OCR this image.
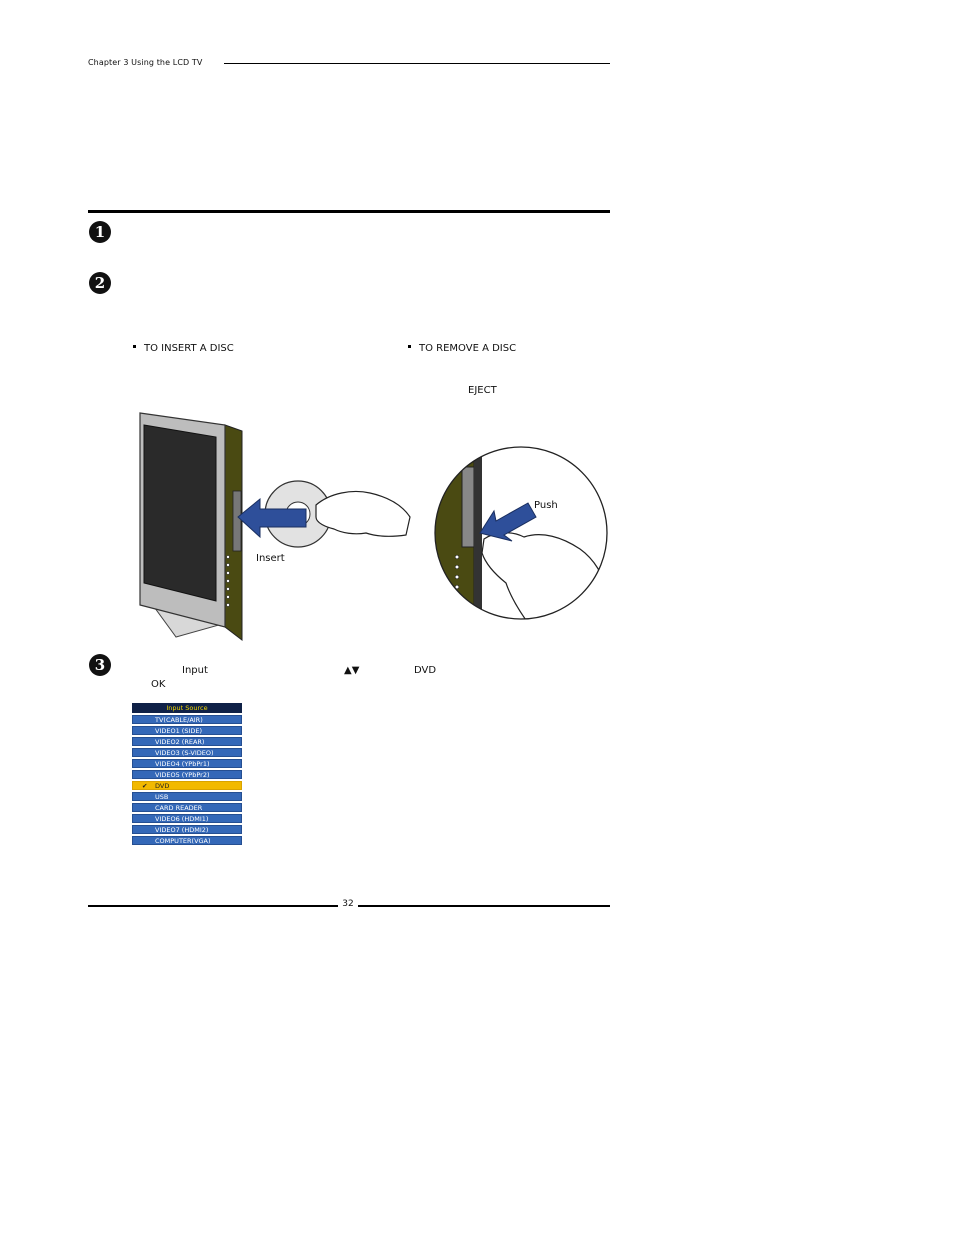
Chapter 3 Using the LCD TV
1
2
3
TO INSERT A DISC	TO REMOVE A DISC
EJECT
Insert
Push
Input	▲▼	DVD
OK
Input Source
TV(CABLE/AIR)
VIDEO1 (SIDE)
VIDEO2 (REAR)
VIDEO3 (S-VIDEO)
VIDEO4 (YPbPr1)
VIDEO5 (YPbPr2)
✔ DVD
USB
CARD READER
VIDEO6 (HDMI1)
VIDEO7 (HDMI2)
COMPUTER(VGA)
32
